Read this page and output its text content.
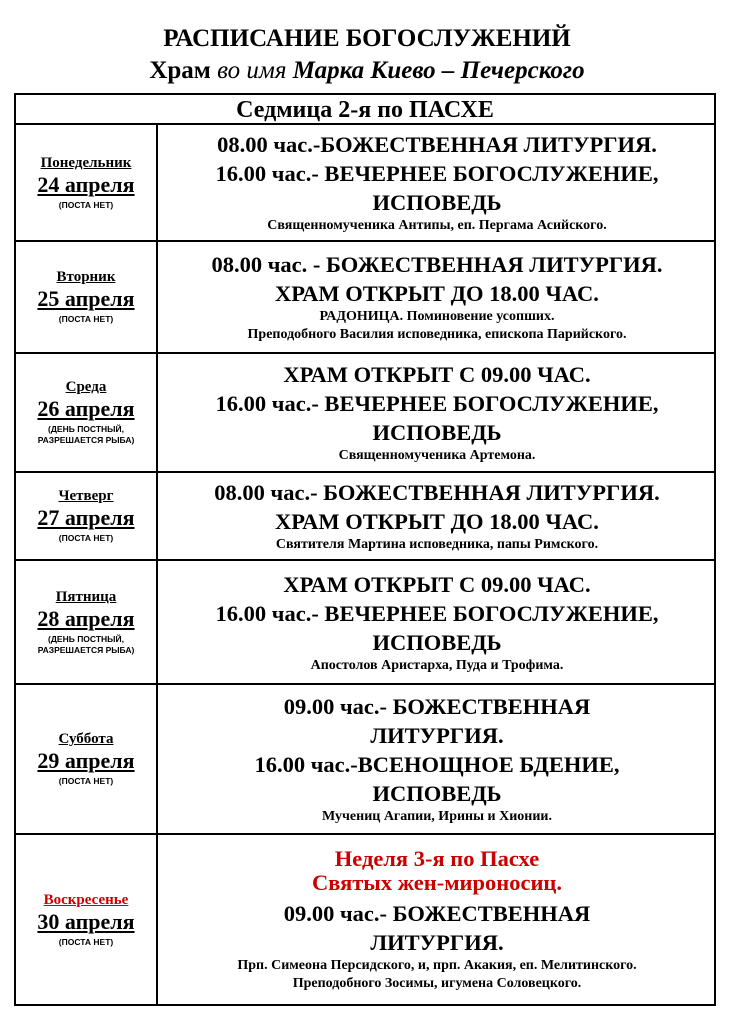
РАСПИСАНИЕ БОГОСЛУЖЕНИЙ
Храм во имя Марка Киево – Печерского
Седмица 2-я по ПАСХЕ
Понедельник
24 апреля
(ПОСТА НЕТ)
08.00 час.-БОЖЕСТВЕННАЯ ЛИТУРГИЯ.
16.00 час.- ВЕЧЕРНЕЕ БОГОСЛУЖЕНИЕ,
ИСПОВЕДЬ
Священномученика Антипы, еп. Пергама Асийского.
Вторник
25 апреля
(ПОСТА НЕТ)
08.00 час. - БОЖЕСТВЕННАЯ ЛИТУРГИЯ.
ХРАМ ОТКРЫТ ДО 18.00 ЧАС.
РАДОНИЦА. Поминовение усопших.
Преподобного Василия исповедника, епископа Парийского.
Среда
26 апреля
(ДЕНЬ ПОСТНЫЙ,
РАЗРЕШАЕТСЯ РЫБА)
ХРАМ ОТКРЫТ С 09.00 ЧАС.
16.00 час.- ВЕЧЕРНЕЕ БОГОСЛУЖЕНИЕ,
ИСПОВЕДЬ
Священномученика Артемона.
Четверг
27 апреля
(ПОСТА НЕТ)
08.00 час.- БОЖЕСТВЕННАЯ ЛИТУРГИЯ.
ХРАМ ОТКРЫТ ДО 18.00 ЧАС.
Святителя Мартина исповедника, папы Римского.
Пятница
28 апреля
(ДЕНЬ ПОСТНЫЙ,
РАЗРЕШАЕТСЯ РЫБА)
ХРАМ ОТКРЫТ С 09.00 ЧАС.
16.00 час.- ВЕЧЕРНЕЕ БОГОСЛУЖЕНИЕ,
ИСПОВЕДЬ
Апостолов Аристарха, Пуда и Трофима.
Суббота
29 апреля
(ПОСТА НЕТ)
09.00 час.- БОЖЕСТВЕННАЯ
ЛИТУРГИЯ.
16.00 час.-ВСЕНОЩНОЕ БДЕНИЕ,
ИСПОВЕДЬ
Мучениц Агапии, Ирины и Хионии.
Воскресенье
30 апреля
(ПОСТА НЕТ)
Неделя 3-я по Пасхе
Святых жен-мироносиц.
09.00 час.- БОЖЕСТВЕННАЯ
ЛИТУРГИЯ.
Прп. Симеона Персидского, и, прп. Акакия, еп. Мелитинского.
Преподобного Зосимы, игумена Соловецкого.
